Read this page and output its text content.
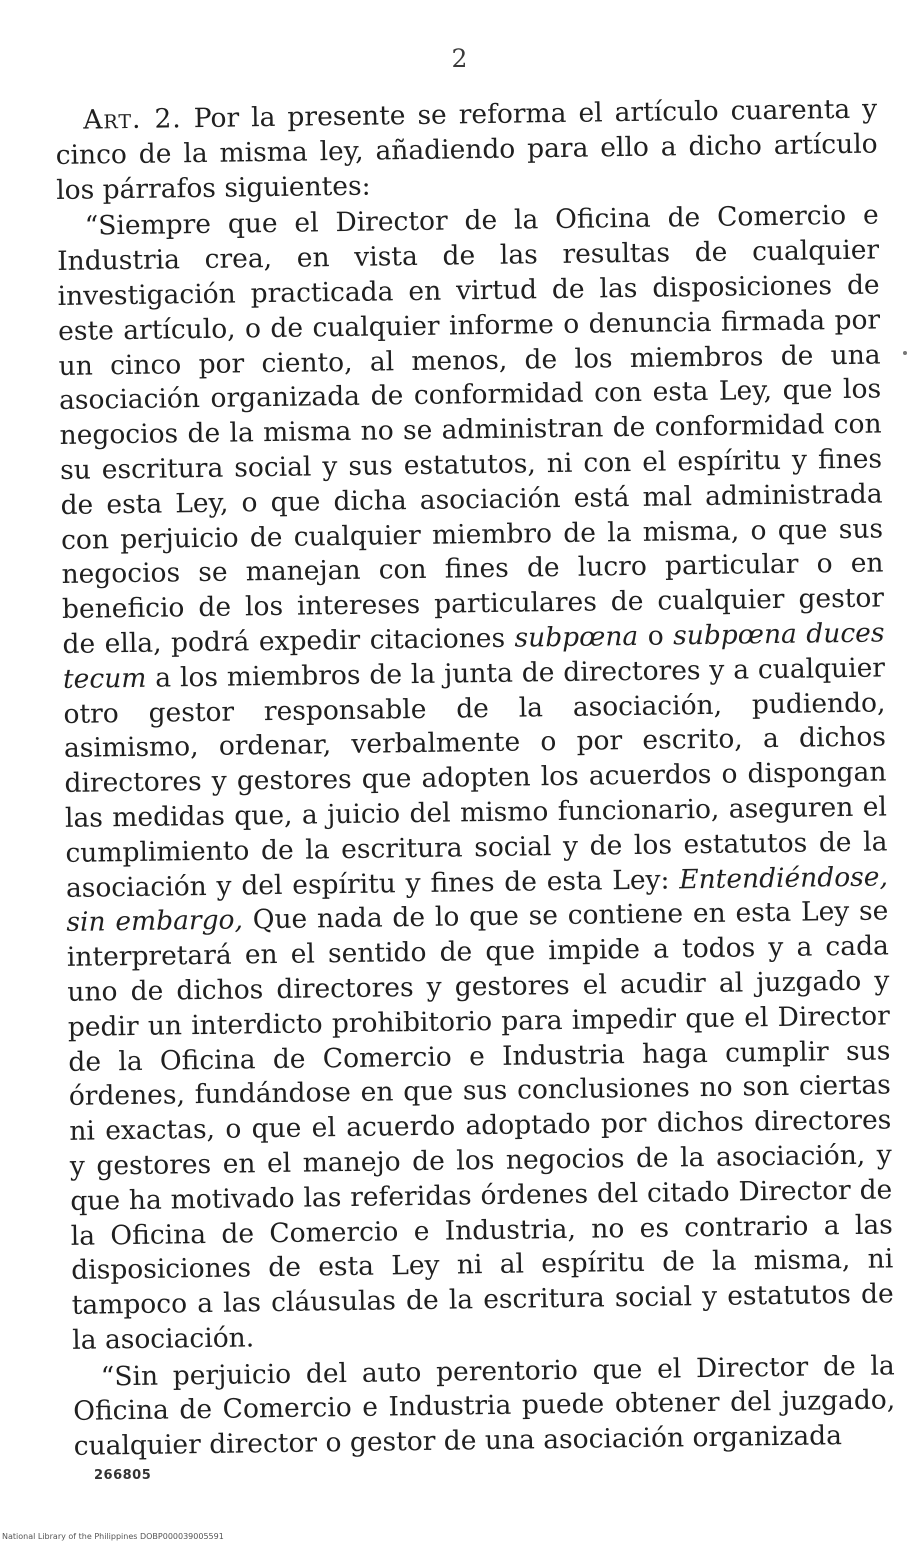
2

Art. 2. Por la presente se reforma el artículo cuarenta y cinco de la misma ley, añadiendo para ello a dicho artículo los párrafos siguientes:

“Siempre que el Director de la Oficina de Comercio e Industria crea, en vista de las resultas de cualquier investigación practicada en virtud de las disposiciones de este artículo, o de cualquier informe o denuncia firmada por un cinco por ciento, al menos, de los miembros de una asociación organizada de conformidad con esta Ley, que los negocios de la misma no se administran de conformidad con su escritura social y sus estatutos, ni con el espíritu y fines de esta Ley, o que dicha asociación está mal administrada con perjuicio de cualquier miembro de la misma, o que sus negocios se manejan con fines de lucro particular o en beneficio de los intereses particulares de cualquier gestor de ella, podrá expedir citaciones subpœna o subpœna duces tecum a los miembros de la junta de directores y a cualquier otro gestor responsable de la asociación, pudiendo, asimismo, ordenar, verbalmente o por escrito, a dichos directores y gestores que adopten los acuerdos o dispongan las medidas que, a juicio del mismo funcionario, aseguren el cumplimiento de la escritura social y de los estatutos de la asociación y del espíritu y fines de esta Ley: Entendiéndose, sin embargo, Que nada de lo que se contiene en esta Ley se interpretará en el sentido de que impide a todos y a cada uno de dichos directores y gestores el acudir al juzgado y pedir un interdicto prohibitorio para impedir que el Director de la Oficina de Comercio e Industria haga cumplir sus órdenes, fundándose en que sus conclusiones no son ciertas ni exactas, o que el acuerdo adoptado por dichos directores y gestores en el manejo de los negocios de la asociación, y que ha motivado las referidas órdenes del citado Director de la Oficina de Comercio e Industria, no es contrario a las disposiciones de esta Ley ni al espíritu de la misma, ni tampoco a las cláusulas de la escritura social y estatutos de la asociación.

“Sin perjuicio del auto perentorio que el Director de la Oficina de Comercio e Industria puede obtener del juzgado, cualquier director o gestor de una asociación organizada

266805
National Library of the Philippines DOBP000039005591
